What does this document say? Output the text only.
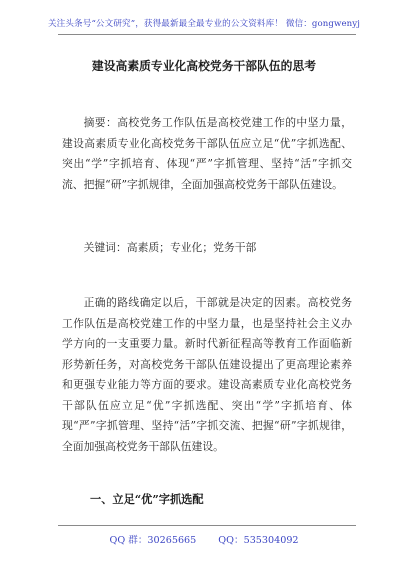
关注头条号“公文研究”，获得最新最全最专业的公文资料库！ 微信：gongwenyj
建设高素质专业化高校党务干部队伍的思考

摘要：高校党务工作队伍是高校党建工作的中坚力量，建设高素质专业化高校党务干部队伍应立足“优”字抓选配、突出“学”字抓培育、体现“严”字抓管理、坚持“活”字抓交流、把握“研”字抓规律，全面加强高校党务干部队伍建设。

关键词：高素质；专业化；党务干部

正确的路线确定以后，干部就是决定的因素。高校党务工作队伍是高校党建工作的中坚力量，也是坚持社会主义办学方向的一支重要力量。新时代新征程高等教育工作面临新形势新任务，对高校党务干部队伍建设提出了更高理论素养和更强专业能力等方面的要求。建设高素质专业化高校党务干部队伍应立足“优”字抓选配、突出“学”字抓培育、体现“严”字抓管理、坚持“活”字抓交流、把握“研”字抓规律，全面加强高校党务干部队伍建设。

一、立足“优”字抓选配
QQ 群：30265665 QQ：535304092
